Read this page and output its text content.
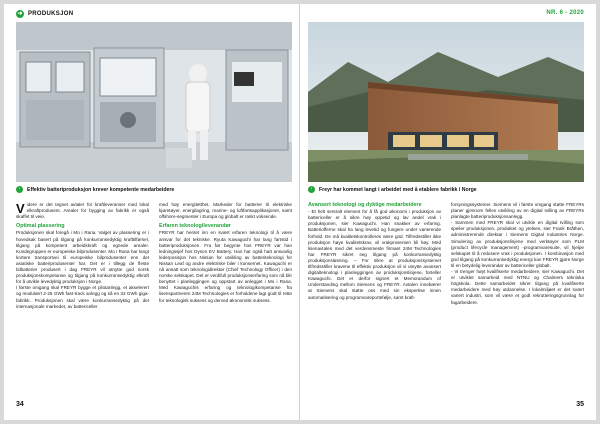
➜ PRODUKSJON
↑	Effektiv batteriproduksjon krever kompetente medarbeidere

Videre er det tegnet avtaler for kraftleveranser med lokal elkraftprodusent. Arealer for bygging av fabrikk er også skaffet til veie.

Optimal plassering

Produksjonen skal foregå i Mo i Rana. Valget av plassering er i hovedsak basert på tilgang på konkurransedyktig krafttilførsel, tilgang på kompetent arbeidskraft og egnede arealer. Kundegruppen er europeiske bilprodusenter. Mo i Rana har langt kortere transportvei til europeiske bilprodusenter enn det asiatiske batteriprodusenter har. Det er i tillegg de fleste bilbatterier produsert i dag FREYR vil utnytte god norsk produksjonskompetanse og tilgang på konkurransedyktig elkraft for å utvikle levedyktig produksjon i Norge.

I første omgang skal FREYR bygge et pilotanlegg, et akselerert og modulært 2-25 GWh fast-track anlegg og så en 32 GWh giga-fabrikk. Produksjonen skal være konkurransedyktig på det internasjonale markedet, av battericeller

med høy energitetthet. Markeder for batterier til elektriske kjøretøyer, energilagring, marine- og luftfartsapplikasjoner, samt offshore-segmenter i Europa og globalt er raskt voksende.

Erfaren teknologileverandør

FREYR har hentet inn en svært erfaren teknologi til å være ansvar for det tekniske. Ryuta Kawaguchi har lang fartstid i batteriproduksjonen. Fra før begynte hos FREYR var han ledningssjef hos Dyson EV Battery. Han har også hatt ansvarlig lederposisjon hos Nissan for utvikling av batteriteknologi for Nissan Leaf og andre elektriske biler i konsernet. Kawaguchi er nå ansatt som teknologidirektør (Chief Technology Officer) i den norske selskapet. Det er verdifull produksjonserfaring som nå blir benyttet i planleggingen og oppstart av anlegget i Mo i Rana. Med Kawaguchis erfaring og teknologikompetanse fra lisenspartneren 24M Technologies er forholdene lagt godt til rette for teknologisk suksess og derved økonomisk suksess.

34
NR. 6 - 2020
↑	Freyr har kommet langt i arbeidet med å etablere fabrikk i Norge
Avansert teknologi og dyktige medarbeidere

- Et helt sentralt element for å få god økonomi i produksjon av battericeller er å sikre høy oppetid og lav andel vrak i produksjonen, sier Kawaguchi. Han snakker av erfaring. Batteriofferne skal ha lang levetid og fungere under varierende forhold. De må kvalitetskontrolleres være god. Tilfredsstiller ikke produksjon høye kvalitetskrav, vil vrakprosenten bli høy. Med lisenavtalen med det verdensmeste firmaet 24M Technologies har FREYR sikret seg tilgang på konkurransedyktig produksjonsløsning. – For sikre at produksjonssystemet tilfredsstiller kravene til effektiv produksjon vil vi utnytte avansert digitalteknologi i planleggingen av produksjonslinjene, forteller Kawaguchi. Det er derfor signert et Memorandum of Understanding mellom Siemens og FREYR. Avtalen innebærer at Siemens skal støtte oss med sin ekspertise innen automatisering og programvareportefølje, samt kraft-

forsyningssystemer. Siemens vil i første omgang støtte FREYRs planer gjennom felles utvikling av en digital tvilling av FREYRs planlagte batteriproduksjonsanlegg.

- Sammen med FREYR skal vi utvikle en digital tvilling som speiler produksjonen, produktet og ytelsen, sier Frank Bråthen, administrerende direktør i Siemens Digital Industries Norge. Simulering av produksjonslinjene med verktøyer som PLM (product lifecycle management) -programvaresuite, vil hjelpe selskapet til å redusere vrak i produksjonen. I kombinasjon med god tilgang på konkurransedyktig energi kan FREYR gjøre Norge til en betydelig leverandør av battericeller globalt.

- Vi trenger høyt kvalifiserte medarbeidere, sier Kawaguchi. Det er utviklet samarbeid med NTNU og Chalmers tekniska högskola. Dette samarbeidet sikrer tilgang på kvalifiserte medarbeidere med høy utdannelse. I lokalmiljøet er det svært variert industri, som vil være et godt rekrutteringsgrunnlag for fagarbeidere.

35
